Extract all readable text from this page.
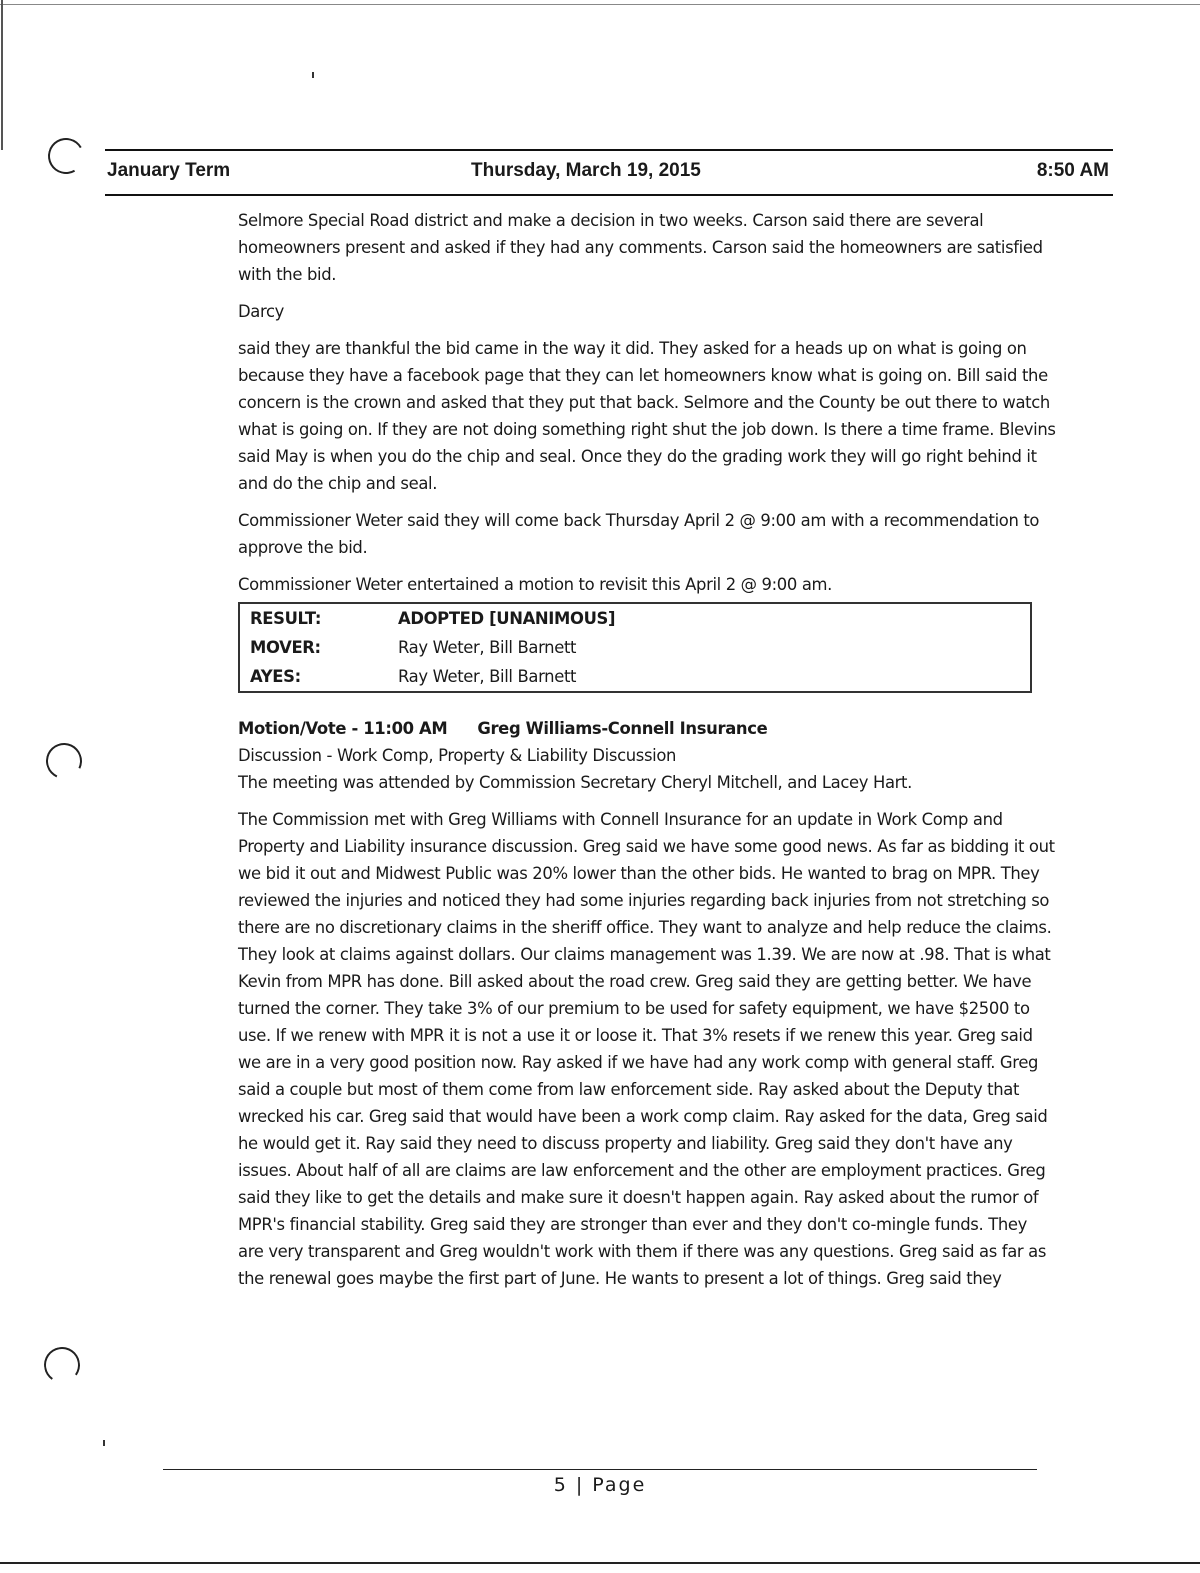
January Term	Thursday, March 19, 2015	8:50 AM

Selmore Special Road district and make a decision in two weeks. Carson said there are several homeowners present and asked if they had any comments. Carson said the homeowners are satisfied with the bid.

Darcy

said they are thankful the bid came in the way it did. They asked for a heads up on what is going on because they have a facebook page that they can let homeowners know what is going on. Bill said the concern is the crown and asked that they put that back. Selmore and the County be out there to watch what is going on. If they are not doing something right shut the job down. Is there a time frame. Blevins said May is when you do the chip and seal. Once they do the grading work they will go right behind it and do the chip and seal.

Commissioner Weter said they will come back Thursday April 2 @ 9:00 am with a recommendation to approve the bid.

Commissioner Weter entertained a motion to revisit this April 2 @ 9:00 am.

RESULT:	ADOPTED [UNANIMOUS]
MOVER:	Ray Weter, Bill Barnett
AYES:	Ray Weter, Bill Barnett
Motion/Vote - 11:00 AM Greg Williams-Connell Insurance
Discussion - Work Comp, Property & Liability Discussion

The meeting was attended by Commission Secretary Cheryl Mitchell, and Lacey Hart.

The Commission met with Greg Williams with Connell Insurance for an update in Work Comp and Property and Liability insurance discussion. Greg said we have some good news. As far as bidding it out we bid it out and Midwest Public was 20% lower than the other bids. He wanted to brag on MPR. They reviewed the injuries and noticed they had some injuries regarding back injuries from not stretching so there are no discretionary claims in the sheriff office. They want to analyze and help reduce the claims. They look at claims against dollars. Our claims management was 1.39. We are now at .98. That is what Kevin from MPR has done. Bill asked about the road crew. Greg said they are getting better. We have turned the corner. They take 3% of our premium to be used for safety equipment, we have $2500 to use. If we renew with MPR it is not a use it or loose it. That 3% resets if we renew this year. Greg said we are in a very good position now. Ray asked if we have had any work comp with general staff. Greg said a couple but most of them come from law enforcement side. Ray asked about the Deputy that wrecked his car. Greg said that would have been a work comp claim. Ray asked for the data, Greg said he would get it. Ray said they need to discuss property and liability. Greg said they don't have any issues. About half of all are claims are law enforcement and the other are employment practices. Greg said they like to get the details and make sure it doesn't happen again. Ray asked about the rumor of MPR's financial stability. Greg said they are stronger than ever and they don't co-mingle funds. They are very transparent and Greg wouldn't work with them if there was any questions. Greg said as far as the renewal goes maybe the first part of June. He wants to present a lot of things. Greg said they

5 | Page
